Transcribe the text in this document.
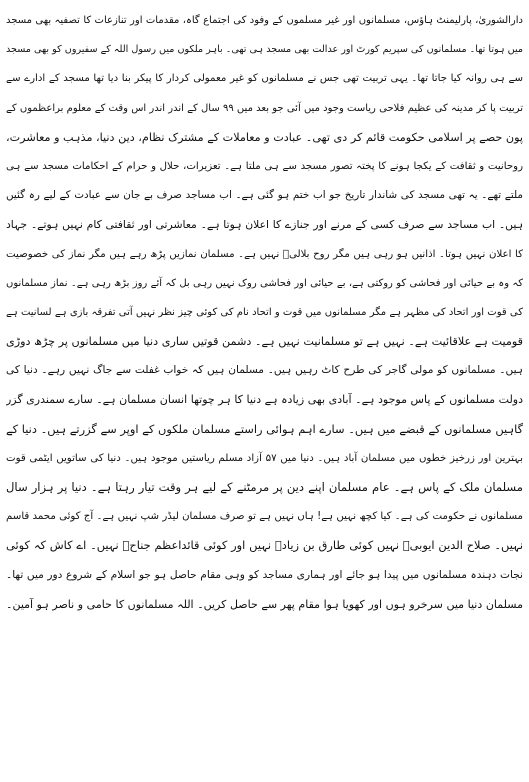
دارالشوریٰ، پارلیمنٹ ہاؤس، مسلمانوں اور غیر مسلموں کے وفود کی اجتماع گاہ، مقدمات اور تنازعات کا تصفیہ بھی مسجد
میں ہوتا تھا۔ مسلمانوں کی سپریم کورٹ اور عدالت بھی مسجد ہی تھی۔ باہر ملکوں میں رسول اللہ کے سفیروں کو بھی مسجد
سے ہی روانہ کیا جاتا تھا۔ یہی تربیت تھی جس نے مسلمانوں کو غیر معمولی کردار کا پیکر بنا دیا تھا مسجد کے ادارے سے
تربیت پا کر مدینہ کی عظیم فلاحی ریاست وجود میں آئی جو بعد میں ۹۹ سال کے اندر اندر اس وقت کے معلوم براعظموں کے
پون حصے پر اسلامی حکومت قائم کر دی تھی۔ عبادت و معاملات کے مشترک نظام، دین دنیا، مذہب و معاشرت،
روحانیت و ثقافت کے یکجا ہونے کا پختہ تصور مسجد سے ہی ملتا ہے۔ تعزیرات، حلال و حرام کے احکامات مسجد سے ہی
ملتے تھے۔ یہ تھی مسجد کی شاندار تاریخ جو اب ختم ہو گئی ہے۔ اب مساجد صرف بے جان سے عبادت کے لیے رہ گئیں
ہیں۔ اب مساجد سے صرف کسی کے مرنے اور جنازے کا اعلان ہوتا ہے۔ معاشرتی اور ثقافتی کام نہیں ہوتے۔ جہاد
کا اعلان نہیں ہوتا۔ اذانیں ہو رہی ہیں مگر روح بلالیؓ نہیں ہے۔ مسلمان نمازیں پڑھ رہے ہیں مگر نماز کی خصوصیت
کہ وہ بے حیائی اور فحاشی کو روکتی ہے، بے حیائی اور فحاشی روک نہیں رہی بل کہ آئے روز بڑھ رہی ہے۔ نماز مسلمانوں
کی قوت اور اتحاد کی مظہر ہے مگر مسلمانوں میں قوت و اتحاد نام کی کوئی چیز نظر نہیں آتی تفرقہ بازی ہے لسانیت ہے
قومیت ہے علاقائیت ہے۔ نہیں ہے تو مسلمانیت نہیں ہے۔ دشمن قوتیں ساری دنیا میں مسلمانوں پر چڑھ دوڑی
ہیں۔ مسلمانوں کو مولی گاجر کی طرح کاٹ رہیں ہیں۔ مسلمان ہیں کہ خواب غفلت سے جاگ نہیں رہے۔ دنیا کی
دولت مسلمانوں کے پاس موجود ہے۔ آبادی بھی زیادہ ہے دنیا کا ہر چوتھا انسان مسلمان ہے۔ سارے سمندری گزر
گاہیں مسلمانوں کے قبضے میں ہیں۔ سارے اہم ہوائی راستے مسلمان ملکوں کے اوپر سے گزرتے ہیں۔ دنیا کے
بہترین اور زرخیز خطوں میں مسلمان آباد ہیں۔ دنیا میں ۵۷ آزاد مسلم ریاستیں موجود ہیں۔ دنیا کی ساتویں ایٹمی قوت
مسلمان ملک کے پاس ہے۔ عام مسلمان اپنے دین پر مرمٹنے کے لیے ہر وقت تیار رہتا ہے۔ دنیا پر ہزار سال
مسلمانوں نے حکومت کی ہے۔ کیا کچھ نہیں ہے! ہاں نہیں ہے تو صرف مسلمان لیڈر شپ نہیں ہے۔ آج کوئی محمد قاسم
نہیں۔ صلاح الدین ایوبیؒ نہیں کوئی طارق بن زیادؒ نہیں اور کوئی قائداعظم جناحؒ نہیں۔ اے کاش کہ کوئی
نجات دہندہ مسلمانوں میں پیدا ہو جائے اور ہماری مساجد کو وہی مقام حاصل ہو جو اسلام کے شروع دور میں تھا۔
مسلمان دنیا میں سرخرو ہوں اور کھویا ہوا مقام پھر سے حاصل کریں۔ اللہ مسلمانوں کا حامی و ناصر ہو آمین۔
